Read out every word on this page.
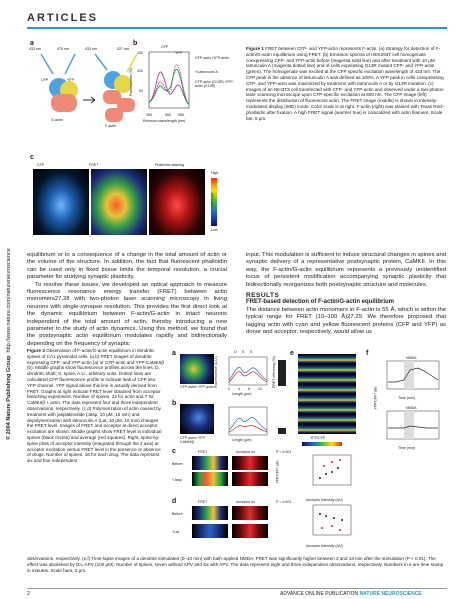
ARTICLES
© 2004 Nature Publishing Group  http://www.nature.com/natureneuroscience
a
433 nm	475 nm	433 nm	527 nm
CFP	YFP
G-actin
F-actin
b	CFP
YFP
150
100
50
Fluorescence (%)
400	500 550
Emission wavelength (nm)
CFP-actin /YFP-actin
+Latrunculin A
CFP-actin (G13R) /YFP-actin (G13R)
c
CFP	FRET	Phalloidin staining
High
Low
YFP/CFP
Figure 1 FRET between CFP- and YFP-actin represents F-actin. (a) Strategy for detection of F-actin/G-actin equilibrium using FRET. (b) Emission spectra of HEK293T cell homogenate coexpressing CFP- and YFP-actin before (magenta solid line) and after treatment with 10 μM latrunculin A (magenta dotted line) and of cells expressing G13R mutant CFP- and YFP-actin (green). The homogenate was excited at the CFP specific excitation wavelength of 433 nm. The CFP peak in the absence of latrunculin A was defined as 100%. A YFP peak in cells coexpressing CFP- and YFP-actin was maximized by treatment with latrunculin A or by G13R mutation. (c) Images of an NIH3T3 cell transfected with CFP- and YFP-actin and observed under a two-photon laser scanning microscope upon CFP-specific excitation at 800 nm. The CFP image (left) represents the distribution of fluorescent actin. The FRET image (middle) is shown in intensity-modulated display (IMD) mode. Color scale is at right. F-actin (right) was stained with Texas Red–phalloidin after fixation. A high FRET signal (warmer hue) is colocalized with actin filament. Scale bar, 5 μm.

equilibrium or to a consequence of a change in the total amount of actin or the volume of the structure. In addition, the fact that fluorescent phalloidin can be used only in fixed tissue limits the temporal resolution, a crucial parameter for studying synaptic plasticity.

To resolve these issues, we developed an optical approach to measure fluorescence resonance energy transfer (FRET) between actin monomers27,28 with two-photon laser scanning microscopy in living neurons with single-synapse resolution. This provides the first direct look at the dynamic equilibrium between F-actin/G-actin in intact neurons independent of the total amount of actin, thereby introducing a new parameter to the study of actin dynamics. Using this method, we found that the postsynaptic actin equilibrium modulates rapidly and bidirectionally depending on the frequency of synaptic

input. This modulation is sufficient to induce structural changes in spines and synaptic delivery of a representative postsynaptic protein, CaMKII. In this way, the F-actin/G-actin equilibrium represents a previously unidentified locus of persistent modification accompanying synaptic plasticity that bidirectionally reorganizes both postsynaptic structure and molecules.

RESULTS
FRET-based detection of F-actin/G-actin equilibrium

The distance between actin monomers in F-actin is 55 Å, which is within the typical range for FRET (10–100 Å)27,29. We therefore proposed that tagging actin with cyan and yellow fluorescent proteins (CFP and YFP) as donor and acceptor, respectively, would allow us

Figure 2 Observation of F-actin/G-actin equilibrium in dendritic spines of CA1 pyramidal cells. (a,b) FRET images of dendrite expressing CFP- and YFP-actin (a) or CFP-actin and YFP-CaMKIIβ (b). Middle graphs show fluorescence profiles across the lines. D, dendritic shaft; S, spine. A.U., arbitrary units. Dotted lines are calculated CFP fluorescence profile to indicate leak of CFP into YFP channel. YFP signal above this line is actually derived from FRET. Graphs at right indicate FRET level obtained from acceptor bleaching experiment. Number of spines, 22 for actin and 7 for CaMKIIβ + actin. The data represent four and three independent observations, respectively. (c,d) Polymerization of actin caused by treatment with jasplakinolide (Jasp, 10 μM, 15 min) and depolymerization with latrunculin A (Lat, 10 μM, 10 min) changes the FRET level. Images of FRET and acceptor at direct acceptor excitation are shown. Middle graphs show FRET level in individual spines (black circles) and average (red squares). Right, spine-by-spine plots of acceptor intensity (integrated through the z axis) at acceptor excitation versus FRET level in the presence or absence of drugs. Number of spines, 16 for each drug. The data represent six and four independent
a
CFP-actin/ YFP-actin Fluorescence (A.U.)
D S S
0 4 8 12
Length (μm)
FRET efficiency (%)
b
CFP-actin/ YFP-CaMKIIβ	Length (μm)
c	FRET	Acceptor ex.
Before
+Jasp
P < 0.001
YFP/CFP ratio
Acceptor intensity (AU)
d	FRET	Acceptor ex.
Before
+Lat
P < 0.001
Acceptor intensity (AU)
e
YFP/CFP
f
NMDA
Time (min)
NMDA
Time (min)
YFP/CFP ratio
observations, respectively. (e,f) Time-lapse images of a dendrite stimulated (0–10 min) with bath-applied NMDA. FRET was significantly higher between 3 and 18 min after the stimulation (P < 0.01). The effect was abolished by D,L-APV (100 μM). Number of spines, seven without APV and six with APV. The data represent eight and three independent observations, respectively. Numbers in e are time stamp in minutes. Scale bars, 2 μm.
2	ADVANCE ONLINE PUBLICATION NATURE NEUROSCIENCE
